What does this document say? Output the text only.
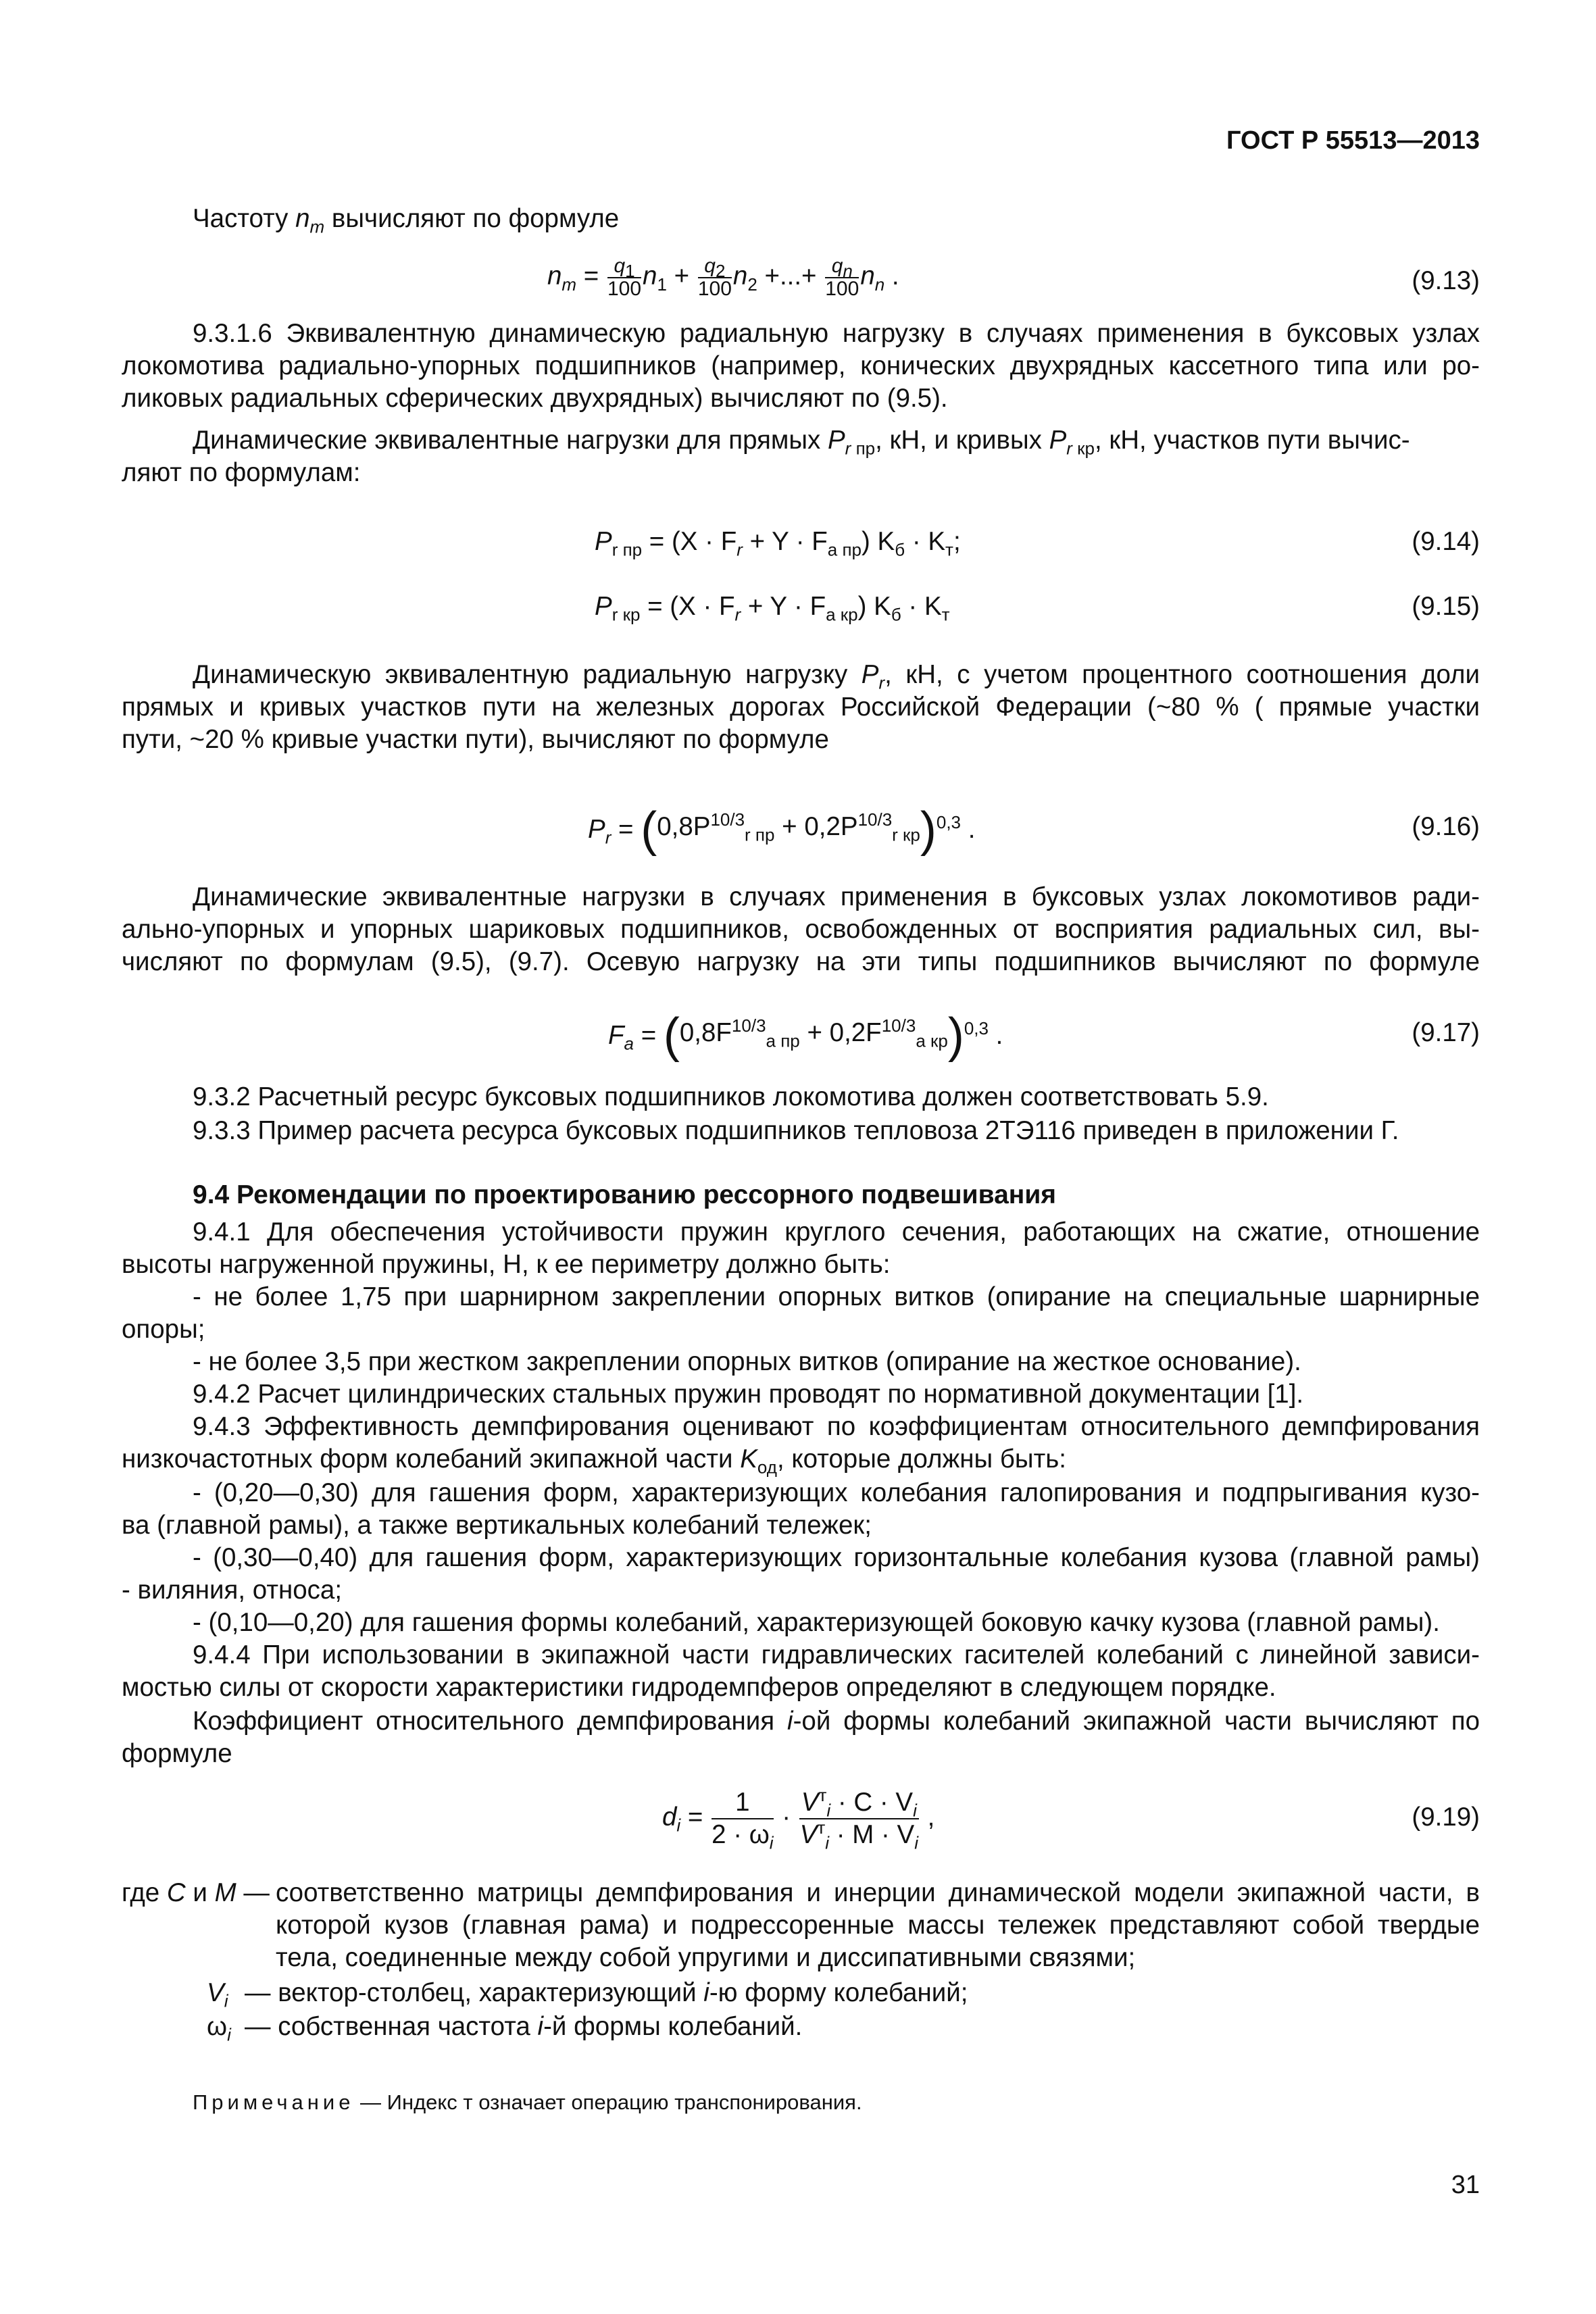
ГОСТ Р 55513—2013
Частоту $n_m$ вычисляют по формуле
$n_m = \frac{q_1}{100} n_1 + \frac{q_2}{100} n_2$ +...+ $\frac{q_n}{100} n_n$ .	(9.13)
9.3.1.6 Эквивалентную динамическую радиальную нагрузку в случаях применения в буксовых узлах
локомотива радиально-упорных подшипников (например, конических двухрядных кассетного типа или ро-
ликовых радиальных сферических двухрядных) вычисляют по (9.5).
Динамические эквивалентные нагрузки для прямых $P_{r пр}$, кН, и кривых $P_{r кр}$, кН, участков пути вычис-
ляют по формулам:
$P_{r пр} = (X \cdot F_r + Y \cdot F_{a пр}) K_б \cdot K_т$;	(9.14)
$P_{r кр} = (X \cdot F_r + Y \cdot F_{a кр}) K_б \cdot K_т$	(9.15)
Динамическую эквивалентную радиальную нагрузку $P_r$, кН, с учетом процентного соотношения доли
прямых и кривых участков пути на железных дорогах Российской Федерации (~80 % ( прямые участки
пути, ~20 % кривые участки пути), вычисляют по формуле
$P_r = (0,8P^{10/3}_{r пр} + 0,2P^{10/3}_{r кр})^{0,3}$ .	(9.16)
Динамические эквивалентные нагрузки в случаях применения в буксовых узлах локомотивов ради-
ально-упорных и упорных шариковых подшипников, освобожденных от восприятия радиальных сил, вы-
числяют по формулам (9.5), (9.7). Осевую нагрузку на эти типы подшипников вычисляют по формуле
$F_a = (0,8F^{10/3}_{a пр} + 0,2F^{10/3}_{a кр})^{0,3}$ .	(9.17)
9.3.2 Расчетный ресурс буксовых подшипников локомотива должен соответствовать 5.9.
9.3.3 Пример расчета ресурса буксовых подшипников тепловоза 2ТЭ116 приведен в приложении Г.
9.4 Рекомендации по проектированию рессорного подвешивания
9.4.1 Для обеспечения устойчивости пружин круглого сечения, работающих на сжатие, отношение
высоты нагруженной пружины, Н, к ее периметру должно быть:
- не более 1,75 при шарнирном закреплении опорных витков (опирание на специальные шарнирные
опоры;
- не более 3,5 при жестком закреплении опорных витков (опирание на жесткое основание).
9.4.2 Расчет цилиндрических стальных пружин проводят по нормативной документации [1].
9.4.3 Эффективность демпфирования оценивают по коэффициентам относительного демпфирования
низкочастотных форм колебаний экипажной части $K_{од}$, которые должны быть:
- (0,20—0,30) для гашения форм, характеризующих колебания галопирования и подпрыгивания кузо-
ва (главной рамы), а также вертикальных колебаний тележек;
- (0,30—0,40) для гашения форм, характеризующих горизонтальные колебания кузова (главной рамы)
- виляния, относа;
- (0,10—0,20) для гашения формы колебаний, характеризующей боковую качку кузова (главной рамы).
9.4.4 При использовании в экипажной части гидравлических гасителей колебаний с линейной зависи-
мостью силы от скорости характеристики гидродемпферов определяют в следующем порядке.
Коэффициент относительного демпфирования i-ой формы колебаний экипажной части вычисляют по
формуле
$d_i = \frac{1}{2 \cdot \omega_i}$ ·
$V^т_i \cdot C \cdot V_i$
$V^т_i \cdot M \cdot V_i$
,	(9.19)
где C и M — соответственно матрицы демпфирования и инерции динамической модели экипажной части, в
которой кузов (главная рама) и подрессоренные массы тележек представляют собой твердые
тела, соединенные между собой упругими и диссипативными связями;
$V_i$ — вектор-столбец, характеризующий i-ю форму колебаний;
$\omega_i$ — собственная частота i-й формы колебаний.
Примечание — Индекс т означает операцию транспонирования.
31
